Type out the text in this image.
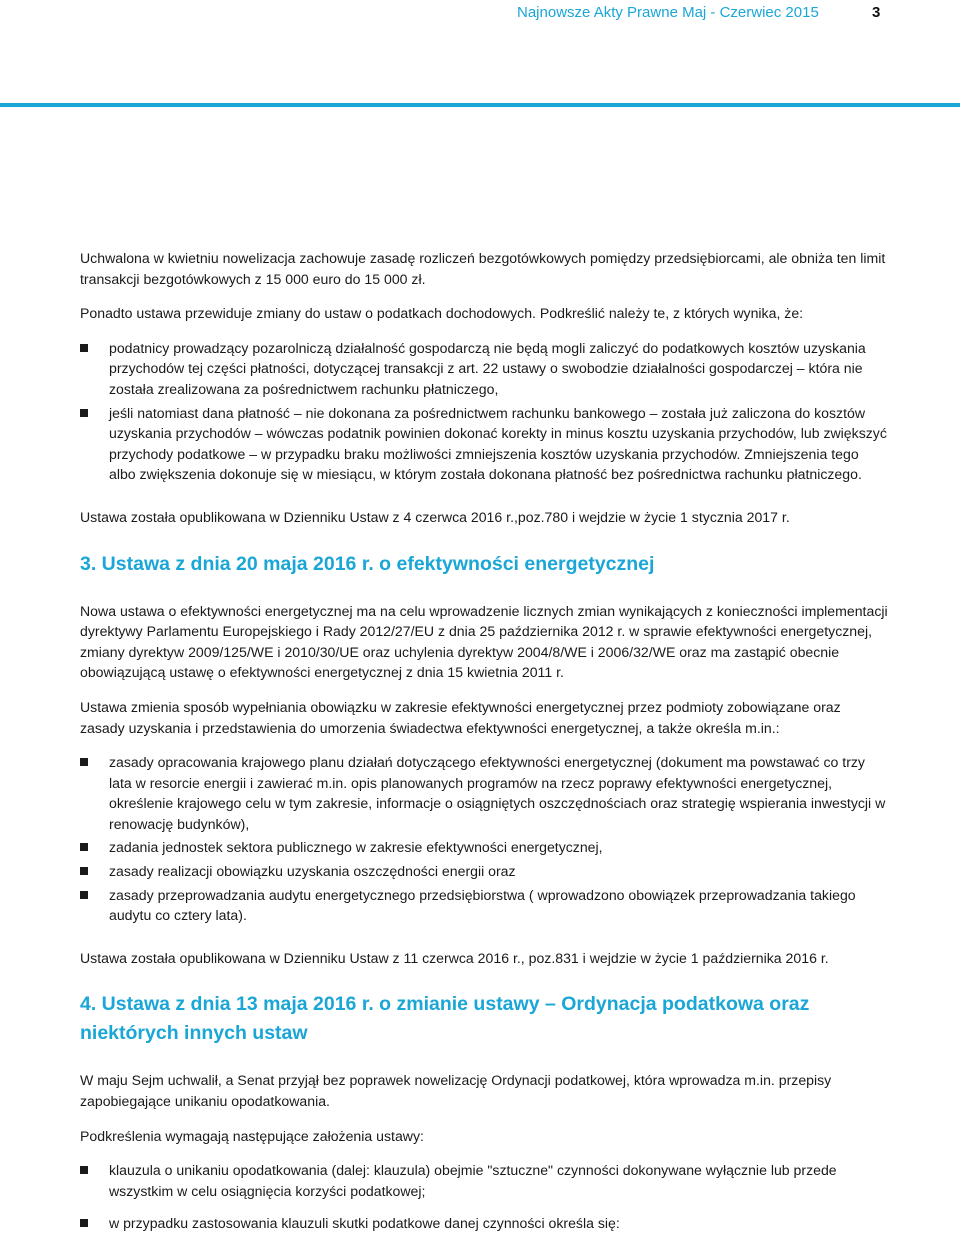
Najnowsze Akty Prawne Maj - Czerwiec 2015	3

Uchwalona w kwietniu nowelizacja zachowuje zasadę rozliczeń bezgotówkowych pomiędzy przedsiębiorcami, ale obniża ten limit transakcji bezgotówkowych z 15 000 euro do 15 000 zł.

Ponadto ustawa przewiduje zmiany do ustaw o podatkach dochodowych. Podkreślić należy te, z których wynika, że:

podatnicy prowadzący pozarolniczą działalność gospodarczą nie będą mogli zaliczyć do podatkowych kosztów uzyskania przychodów tej części płatności, dotyczącej transakcji z art. 22 ustawy o swobodzie działalności gospodarczej – która nie została zrealizowana za pośrednictwem rachunku płatniczego,
jeśli natomiast dana płatność – nie dokonana za pośrednictwem rachunku bankowego – została już zaliczona do kosztów uzyskania przychodów – wówczas podatnik powinien dokonać korekty in minus kosztu uzyskania przychodów, lub zwiększyć przychody podatkowe – w przypadku braku możliwości zmniejszenia kosztów uzyskania przychodów. Zmniejszenia tego albo zwiększenia dokonuje się w miesiącu, w którym została dokonana płatność bez pośrednictwa rachunku płatniczego.

Ustawa została opublikowana w Dzienniku Ustaw z 4 czerwca 2016 r.,poz.780 i wejdzie w życie 1 stycznia 2017 r.

3. Ustawa z dnia 20 maja 2016 r. o efektywności energetycznej

Nowa ustawa o efektywności energetycznej ma na celu wprowadzenie licznych zmian wynikających z konieczności implementacji dyrektywy Parlamentu Europejskiego i Rady 2012/27/EU z dnia 25 października 2012 r. w sprawie efektywności energetycznej, zmiany dyrektyw 2009/125/WE i 2010/30/UE oraz uchylenia dyrektyw 2004/8/WE i 2006/32/WE oraz ma zastąpić obecnie obowiązującą ustawę o efektywności energetycznej z dnia 15 kwietnia 2011 r.

Ustawa zmienia sposób wypełniania obowiązku w zakresie efektywności energetycznej przez podmioty zobowiązane oraz zasady uzyskania i przedstawienia do umorzenia świadectwa efektywności energetycznej, a także określa m.in.:

zasady opracowania krajowego planu działań dotyczącego efektywności energetycznej (dokument ma powstawać co trzy lata w resorcie energii i zawierać m.in. opis planowanych programów na rzecz poprawy efektywności energetycznej, określenie krajowego celu w tym zakresie, informacje o osiągniętych oszczędnościach oraz strategię wspierania inwestycji w renowację budynków),
zadania jednostek sektora publicznego w zakresie efektywności energetycznej,
zasady realizacji obowiązku uzyskania oszczędności energii oraz
zasady przeprowadzania audytu energetycznego przedsiębiorstwa ( wprowadzono obowiązek przeprowadzania takiego audytu co cztery lata).

Ustawa została opublikowana w Dzienniku Ustaw z 11 czerwca 2016 r., poz.831 i wejdzie w życie 1 października 2016 r.

4. Ustawa z dnia 13 maja 2016 r. o zmianie ustawy – Ordynacja podatkowa oraz niektórych innych ustaw

W maju Sejm uchwalił, a Senat przyjął bez poprawek nowelizację Ordynacji podatkowej, która wprowadza m.in. przepisy zapobiegające unikaniu opodatkowania.

Podkreślenia wymagają następujące założenia ustawy:

klauzula o unikaniu opodatkowania (dalej: klauzula) obejmie "sztuczne" czynności dokonywane wyłącznie lub przede wszystkim w celu osiągnięcia korzyści podatkowej;
w przypadku zastosowania klauzuli skutki podatkowe danej czynności określa się:
